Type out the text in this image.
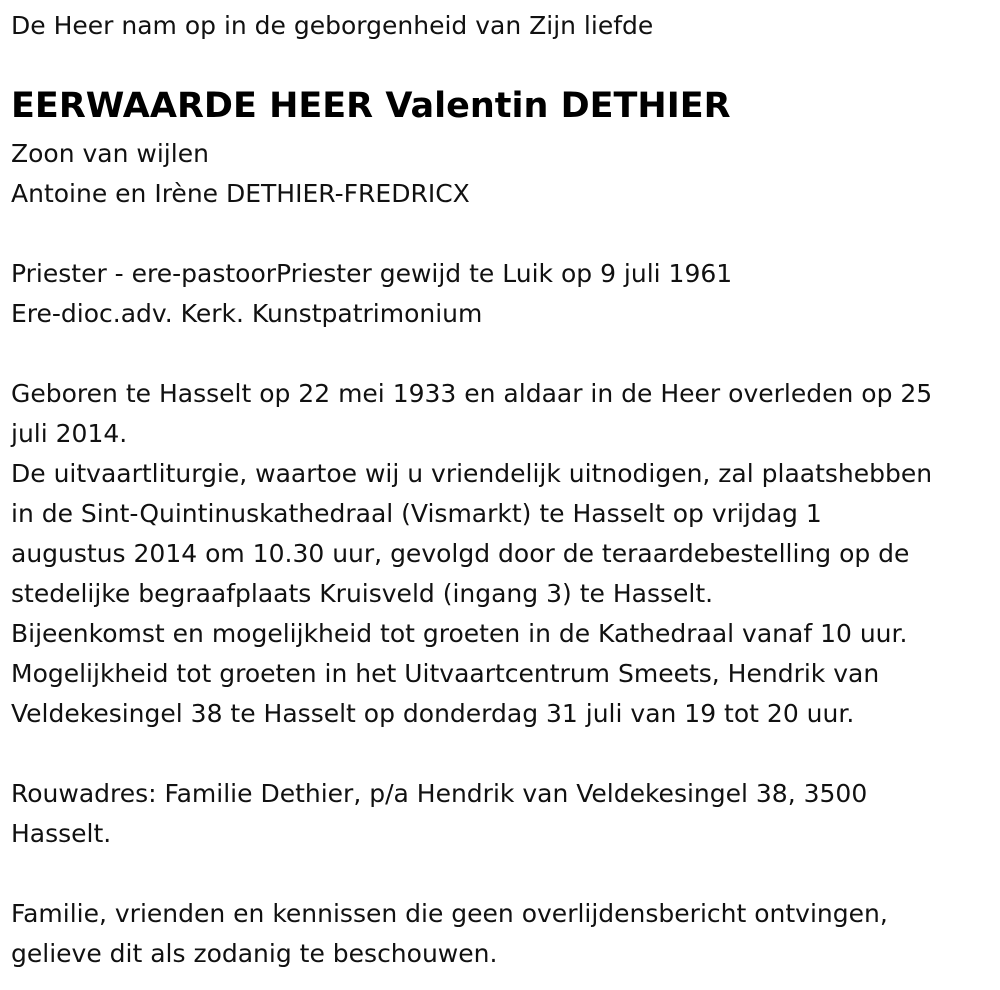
De Heer nam op in de geborgenheid van Zijn liefde

EERWAARDE HEER Valentin DETHIER

Zoon van wijlen

Antoine en Irène DETHIER-FREDRICX

Priester - ere-pastoorPriester gewijd te Luik op 9 juli 1961

Ere-dioc.adv. Kerk. Kunstpatrimonium

Geboren te Hasselt op 22 mei 1933 en aldaar in de Heer overleden op 25

juli 2014.

De uitvaartliturgie, waartoe wij u vriendelijk uitnodigen, zal plaatshebben

in de Sint-Quintinuskathedraal (Vismarkt) te Hasselt op vrijdag 1

augustus 2014 om 10.30 uur, gevolgd door de teraardebestelling op de

stedelijke begraafplaats Kruisveld (ingang 3) te Hasselt.

Bijeenkomst en mogelijkheid tot groeten in de Kathedraal vanaf 10 uur.

Mogelijkheid tot groeten in het Uitvaartcentrum Smeets, Hendrik van

Veldekesingel 38 te Hasselt op donderdag 31 juli van 19 tot 20 uur.

Rouwadres: Familie Dethier, p/a Hendrik van Veldekesingel 38, 3500

Hasselt.

Familie, vrienden en kennissen die geen overlijdensbericht ontvingen,

gelieve dit als zodanig te beschouwen.
